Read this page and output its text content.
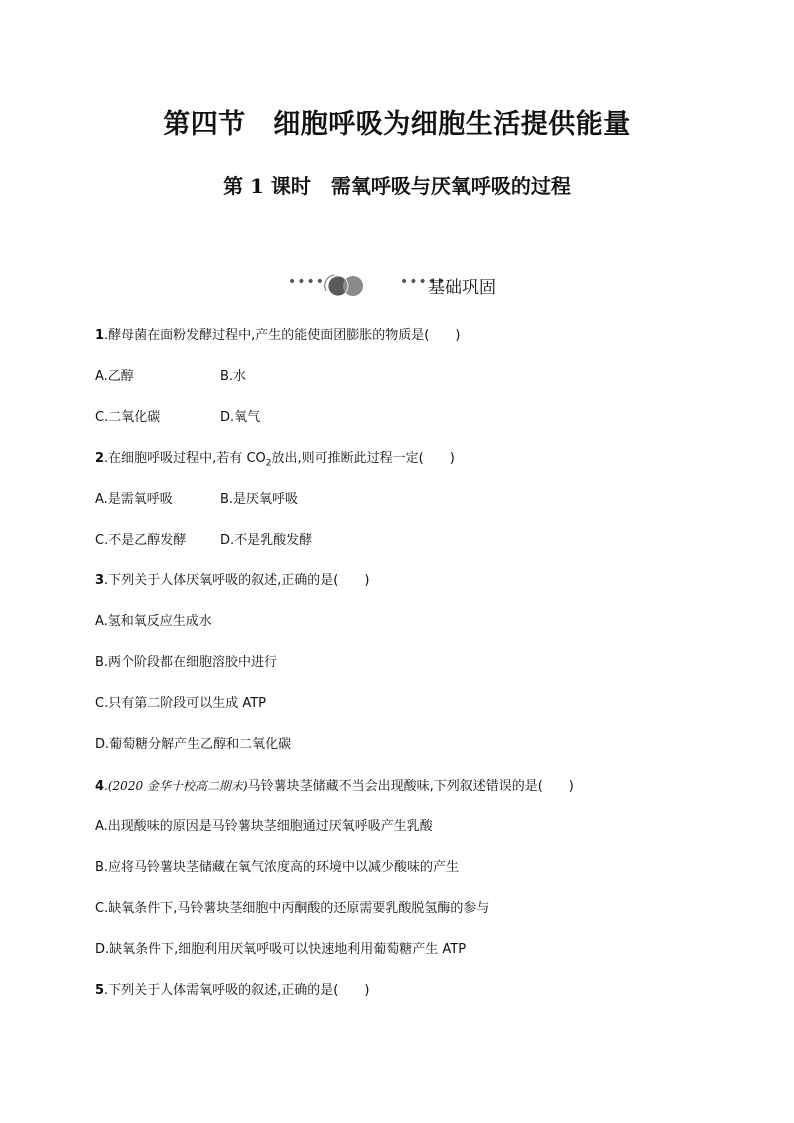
第四节　细胞呼吸为细胞生活提供能量
第 1 课时　需氧呼吸与厌氧呼吸的过程
••••	•••••
基础巩固
1.酵母菌在面粉发酵过程中,产生的能使面团膨胀的物质是(　　)
A.乙醇	B.水
C.二氧化碳	D.氧气
2.在细胞呼吸过程中,若有 $CO_2$放出,则可推断此过程一定(　　)
A.是需氧呼吸	B.是厌氧呼吸
C.不是乙醇发酵	D.不是乳酸发酵
3.下列关于人体厌氧呼吸的叙述,正确的是(　　)
A.氢和氧反应生成水
B.两个阶段都在细胞溶胶中进行
C.只有第二阶段可以生成 ATP
D.葡萄糖分解产生乙醇和二氧化碳
4.(2020 金华十校高二期末)马铃薯块茎储藏不当会出现酸味,下列叙述错误的是(　　)
A.出现酸味的原因是马铃薯块茎细胞通过厌氧呼吸产生乳酸
B.应将马铃薯块茎储藏在氧气浓度高的环境中以减少酸味的产生
C.缺氧条件下,马铃薯块茎细胞中丙酮酸的还原需要乳酸脱氢酶的参与
D.缺氧条件下,细胞利用厌氧呼吸可以快速地利用葡萄糖产生 ATP
5.下列关于人体需氧呼吸的叙述,正确的是(　　)
